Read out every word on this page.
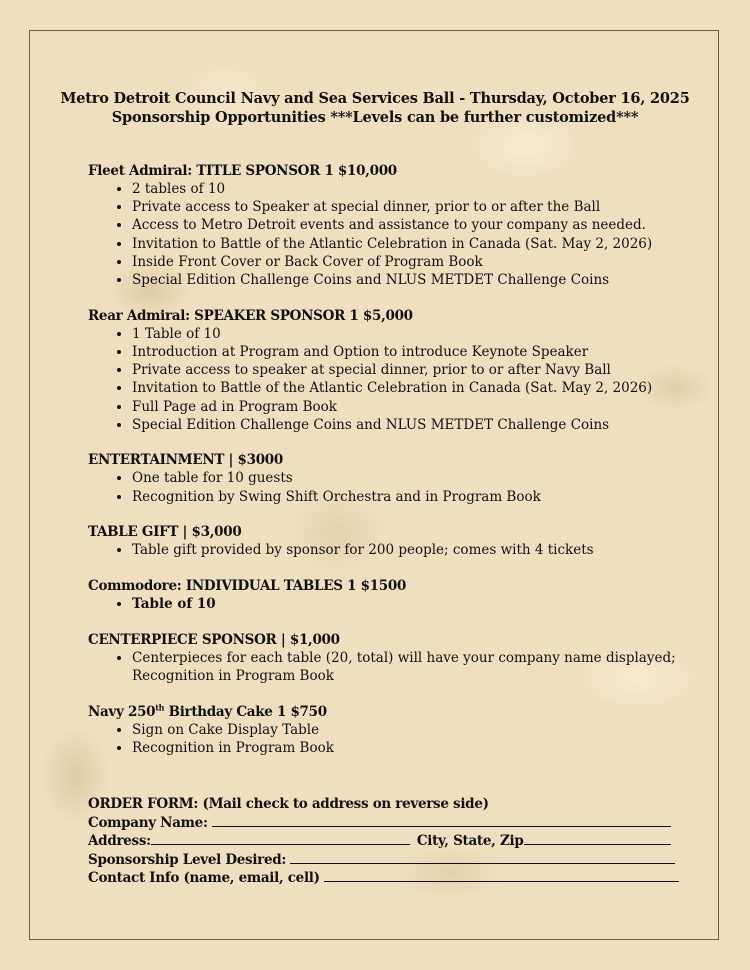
Metro Detroit Council Navy and Sea Services Ball - Thursday, October 16, 2025
Sponsorship Opportunities ***Levels can be further customized***
Fleet Admiral: TITLE SPONSOR 1 $10,000
• 2 tables of 10
• Private access to Speaker at special dinner, prior to or after the Ball
• Access to Metro Detroit events and assistance to your company as needed.
• Invitation to Battle of the Atlantic Celebration in Canada (Sat. May 2, 2026)
• Inside Front Cover or Back Cover of Program Book
• Special Edition Challenge Coins and NLUS METDET Challenge Coins
Rear Admiral: SPEAKER SPONSOR 1 $5,000
• 1 Table of 10
• Introduction at Program and Option to introduce Keynote Speaker
• Private access to speaker at special dinner, prior to or after Navy Ball
• Invitation to Battle of the Atlantic Celebration in Canada (Sat. May 2, 2026)
• Full Page ad in Program Book
• Special Edition Challenge Coins and NLUS METDET Challenge Coins
ENTERTAINMENT | $3000
• One table for 10 guests
• Recognition by Swing Shift Orchestra and in Program Book
TABLE GIFT | $3,000
• Table gift provided by sponsor for 200 people; comes with 4 tickets
Commodore: INDIVIDUAL TABLES 1 $1500
• Table of 10
CENTERPIECE SPONSOR | $1,000
• Centerpieces for each table (20, total) will have your company name displayed; Recognition in Program Book
Navy 250th Birthday Cake 1 $750
• Sign on Cake Display Table
• Recognition in Program Book
ORDER FORM: (Mail check to address on reverse side)
Company Name:
Address:	City, State, Zip
Sponsorship Level Desired:
Contact Info (name, email, cell)
